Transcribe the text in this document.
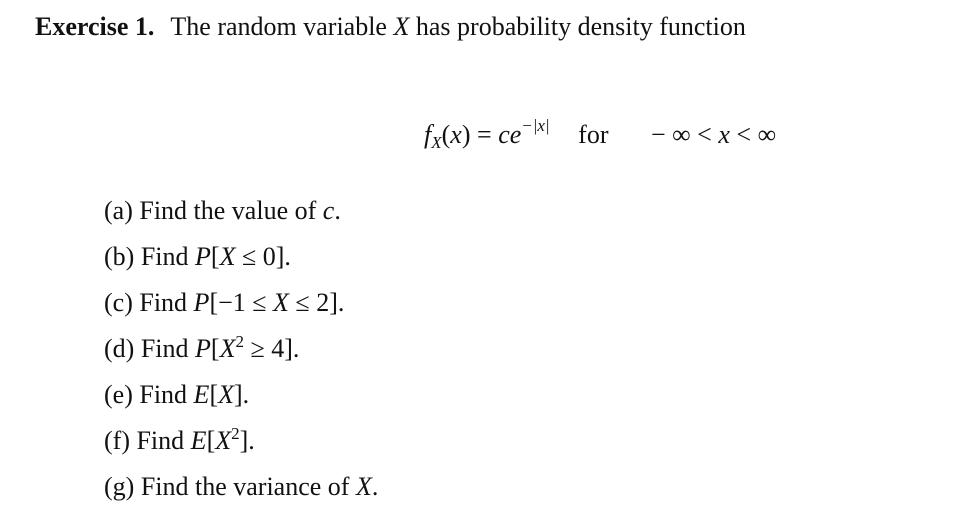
Exercise 1. The random variable X has probability density function
$f_X(x) = ce^{-|x|}$ for − ∞ < x < ∞
(a) Find the value of c.
(b) Find P[X ≤ 0].
(c) Find P[−1 ≤ X ≤ 2].
(d) Find $P[X^2 \ge 4]$.
(e) Find E[X].
(f) Find $E[X^2]$.
(g) Find the variance of X.
